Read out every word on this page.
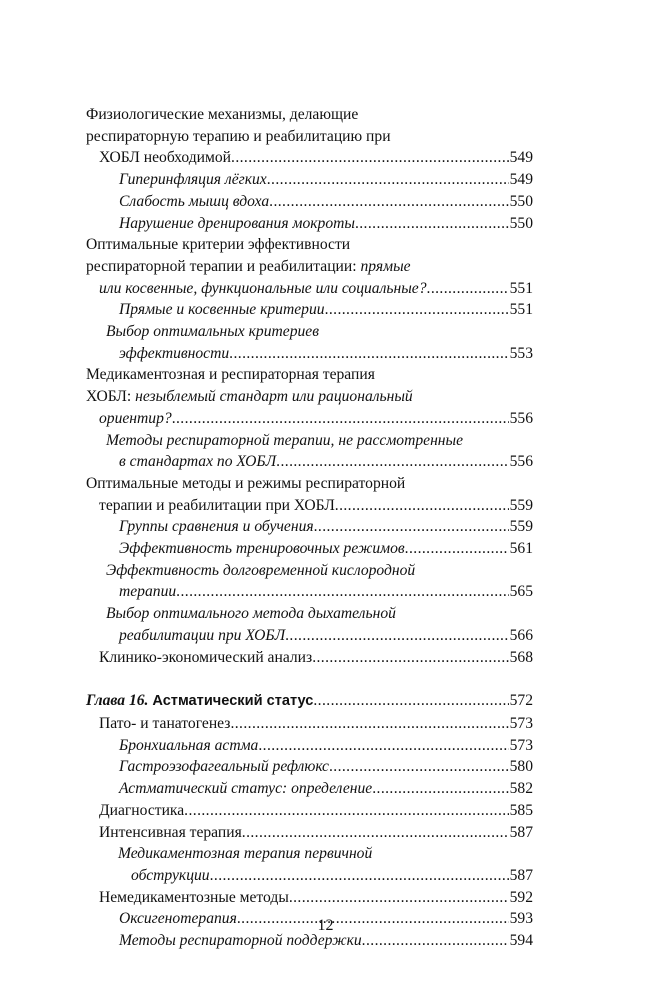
Физиологические механизмы, делающие
респираторную терапию и реабилитацию при
ХОБЛ необходимой .....	549
Гиперинфляция лёгких .....	549
Слабость мышц вдоха .....	550
Нарушение дренирования мокроты .....	550
Оптимальные критерии эффективности
респираторной терапии и реабилитации: прямые
или косвенные, функциональные или социальные? .....	551
Прямые и косвенные критерии .....	551
Выбор оптимальных критериев
эффективности .....	553
Медикаментозная и респираторная терапия
ХОБЛ: незыблемый стандарт или рациональный
ориентир? .....	556
Методы респираторной терапии, не рассмотренные
в стандартах по ХОБЛ .....	556
Оптимальные методы и режимы респираторной
терапии и реабилитации при ХОБЛ .....	559
Группы сравнения и обучения .....	559
Эффективность тренировочных режимов .....	561
Эффективность долговременной кислородной
терапии .....	565
Выбор оптимального метода дыхательной
реабилитации при ХОБЛ .....	566
Клинико-экономический анализ .....	568
Глава 16. Астматический статус .....	572
Пато- и танатогенез .....	573
Бронхиальная астма .....	573
Гастроэзофагеальный рефлюкс .....	580
Астматический статус: определение .....	582
Диагностика .....	585
Интенсивная терапия .....	587
Медикаментозная терапия первичной
обструкции .....	587
Немедикаментозные методы .....	592
Оксигенотерапия .....	593
Методы респираторной поддержки .....	594
12
